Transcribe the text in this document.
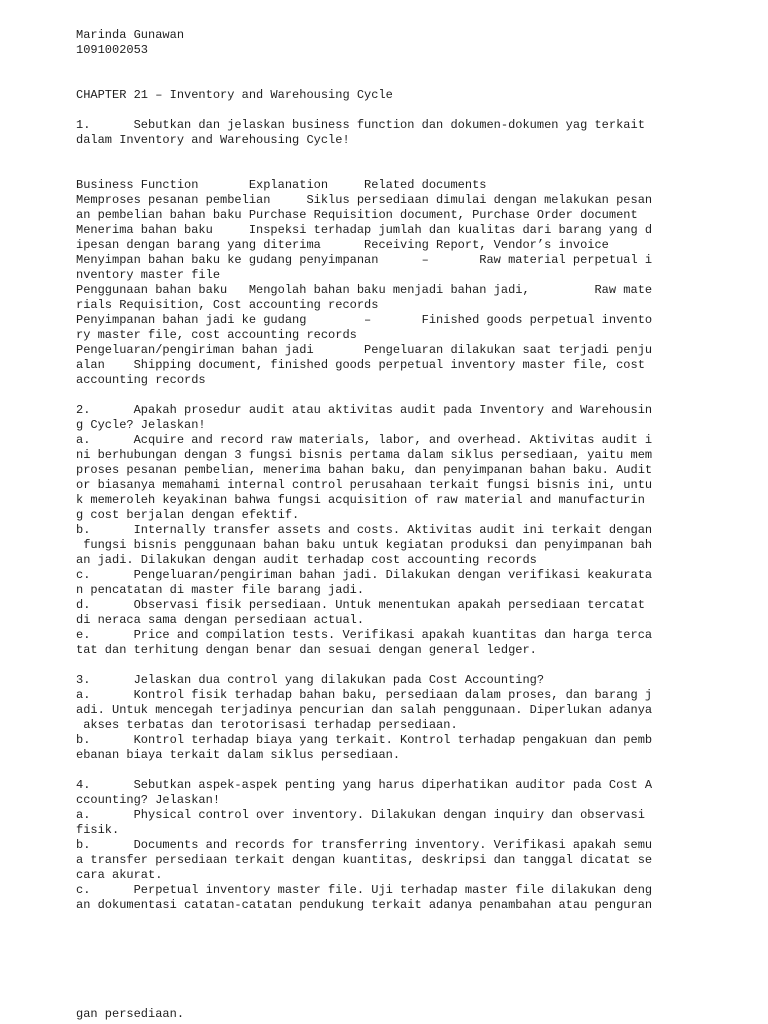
Marinda Gunawan
1091002053
CHAPTER 21 – Inventory and Warehousing Cycle
1.      Sebutkan dan jelaskan business function dan dokumen-dokumen yag terkait
dalam Inventory and Warehousing Cycle!
Business Function       Explanation     Related documents
Memproses pesanan pembelian     Siklus persediaan dimulai dengan melakukan pesan
an pembelian bahan baku Purchase Requisition document, Purchase Order document
Menerima bahan baku     Inspeksi terhadap jumlah dan kualitas dari barang yang d
ipesan dengan barang yang diterima      Receiving Report, Vendor’s invoice
Menyimpan bahan baku ke gudang penyimpanan      –       Raw material perpetual i
nventory master file
Penggunaan bahan baku   Mengolah bahan baku menjadi bahan jadi,         Raw mate
rials Requisition, Cost accounting records
Penyimpanan bahan jadi ke gudang        –       Finished goods perpetual invento
ry master file, cost accounting records
Pengeluaran/pengiriman bahan jadi       Pengeluaran dilakukan saat terjadi penju
alan    Shipping document, finished goods perpetual inventory master file, cost
accounting records
2.      Apakah prosedur audit atau aktivitas audit pada Inventory and Warehousin
g Cycle? Jelaskan!
a.      Acquire and record raw materials, labor, and overhead. Aktivitas audit i
ni berhubungan dengan 3 fungsi bisnis pertama dalam siklus persediaan, yaitu mem
proses pesanan pembelian, menerima bahan baku, dan penyimpanan bahan baku. Audit
or biasanya memahami internal control perusahaan terkait fungsi bisnis ini, untu
k memeroleh keyakinan bahwa fungsi acquisition of raw material and manufacturin
g cost berjalan dengan efektif.
b.      Internally transfer assets and costs. Aktivitas audit ini terkait dengan
fungsi bisnis penggunaan bahan baku untuk kegiatan produksi dan penyimpanan bah
an jadi. Dilakukan dengan audit terhadap cost accounting records
c.      Pengeluaran/pengiriman bahan jadi. Dilakukan dengan verifikasi keakurata
n pencatatan di master file barang jadi.
d.      Observasi fisik persediaan. Untuk menentukan apakah persediaan tercatat
di neraca sama dengan persediaan actual.
e.      Price and compilation tests. Verifikasi apakah kuantitas dan harga terca
tat dan terhitung dengan benar dan sesuai dengan general ledger.
3.      Jelaskan dua control yang dilakukan pada Cost Accounting?
a.      Kontrol fisik terhadap bahan baku, persediaan dalam proses, dan barang j
adi. Untuk mencegah terjadinya pencurian dan salah penggunaan. Diperlukan adanya
akses terbatas dan terotorisasi terhadap persediaan.
b.      Kontrol terhadap biaya yang terkait. Kontrol terhadap pengakuan dan pemb
ebanan biaya terkait dalam siklus persediaan.
4.      Sebutkan aspek-aspek penting yang harus diperhatikan auditor pada Cost A
ccounting? Jelaskan!
a.      Physical control over inventory. Dilakukan dengan inquiry dan observasi
fisik.
b.      Documents and records for transferring inventory. Verifikasi apakah semu
a transfer persediaan terkait dengan kuantitas, deskripsi dan tanggal dicatat se
cara akurat.
c.      Perpetual inventory master file. Uji terhadap master file dilakukan deng
an dokumentasi catatan-catatan pendukung terkait adanya penambahan atau penguran
gan persediaan.
